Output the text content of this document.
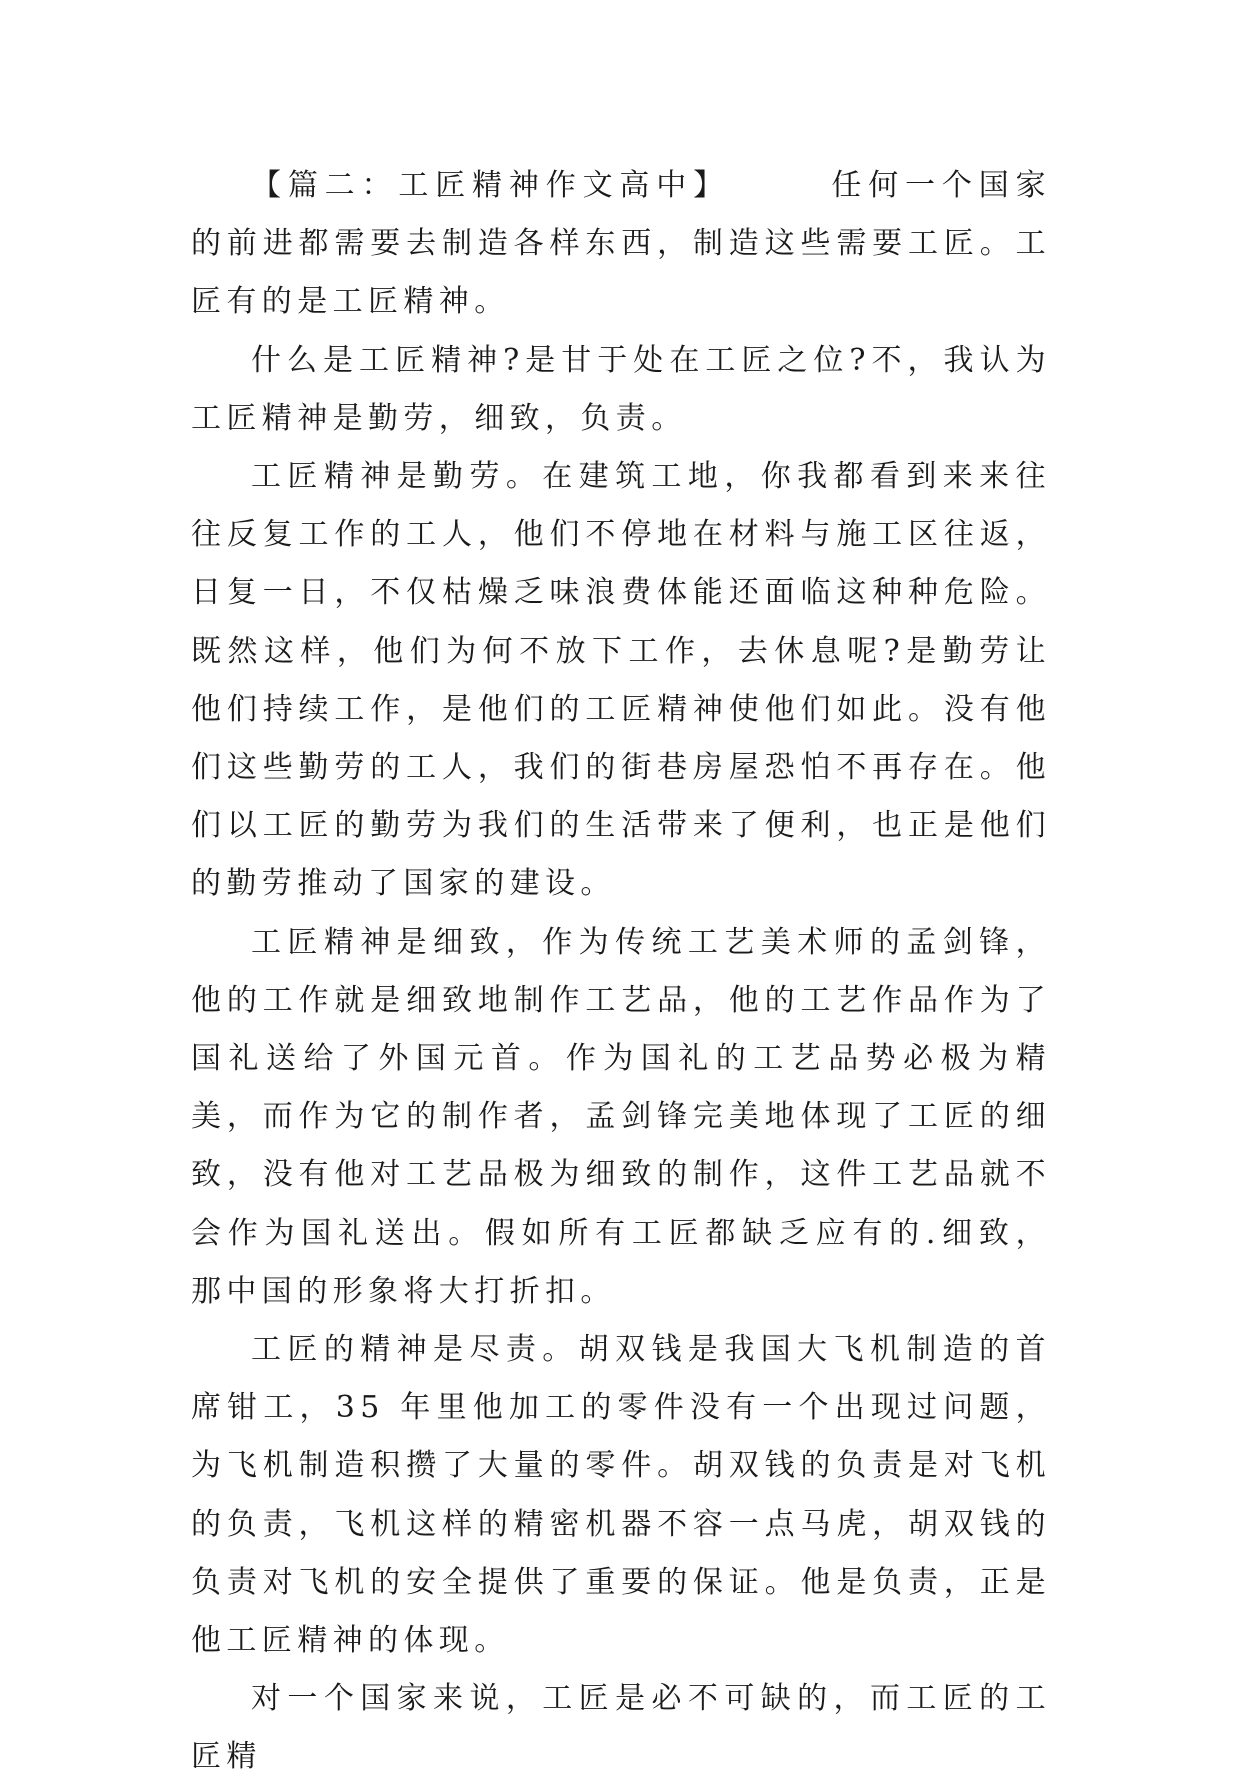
【篇二：工匠精神作文高中】	任何一个国家的前进都需要去制造各样东西，制造这些需要工匠。工匠有的是工匠精神。

什么是工匠精神?是甘于处在工匠之位?不，我认为工匠精神是勤劳，细致，负责。

工匠精神是勤劳。在建筑工地，你我都看到来来往往反复工作的工人，他们不停地在材料与施工区往返，日复一日，不仅枯燥乏味浪费体能还面临这种种危险。既然这样，他们为何不放下工作，去休息呢?是勤劳让他们持续工作，是他们的工匠精神使他们如此。没有他们这些勤劳的工人，我们的街巷房屋恐怕不再存在。他们以工匠的勤劳为我们的生活带来了便利，也正是他们的勤劳推动了国家的建设。

工匠精神是细致，作为传统工艺美术师的孟剑锋，他的工作就是细致地制作工艺品，他的工艺作品作为了国礼送给了外国元首。作为国礼的工艺品势必极为精美，而作为它的制作者，孟剑锋完美地体现了工匠的细致，没有他对工艺品极为细致的制作，这件工艺品就不会作为国礼送出。假如所有工匠都缺乏应有的.细致，那中国的形象将大打折扣。

工匠的精神是尽责。胡双钱是我国大飞机制造的首席钳工，35 年里他加工的零件没有一个出现过问题，为飞机制造积攒了大量的零件。胡双钱的负责是对飞机的负责，飞机这样的精密机器不容一点马虎，胡双钱的负责对飞机的安全提供了重要的保证。他是负责，正是他工匠精神的体现。

对一个国家来说，工匠是必不可缺的，而工匠的工匠精
